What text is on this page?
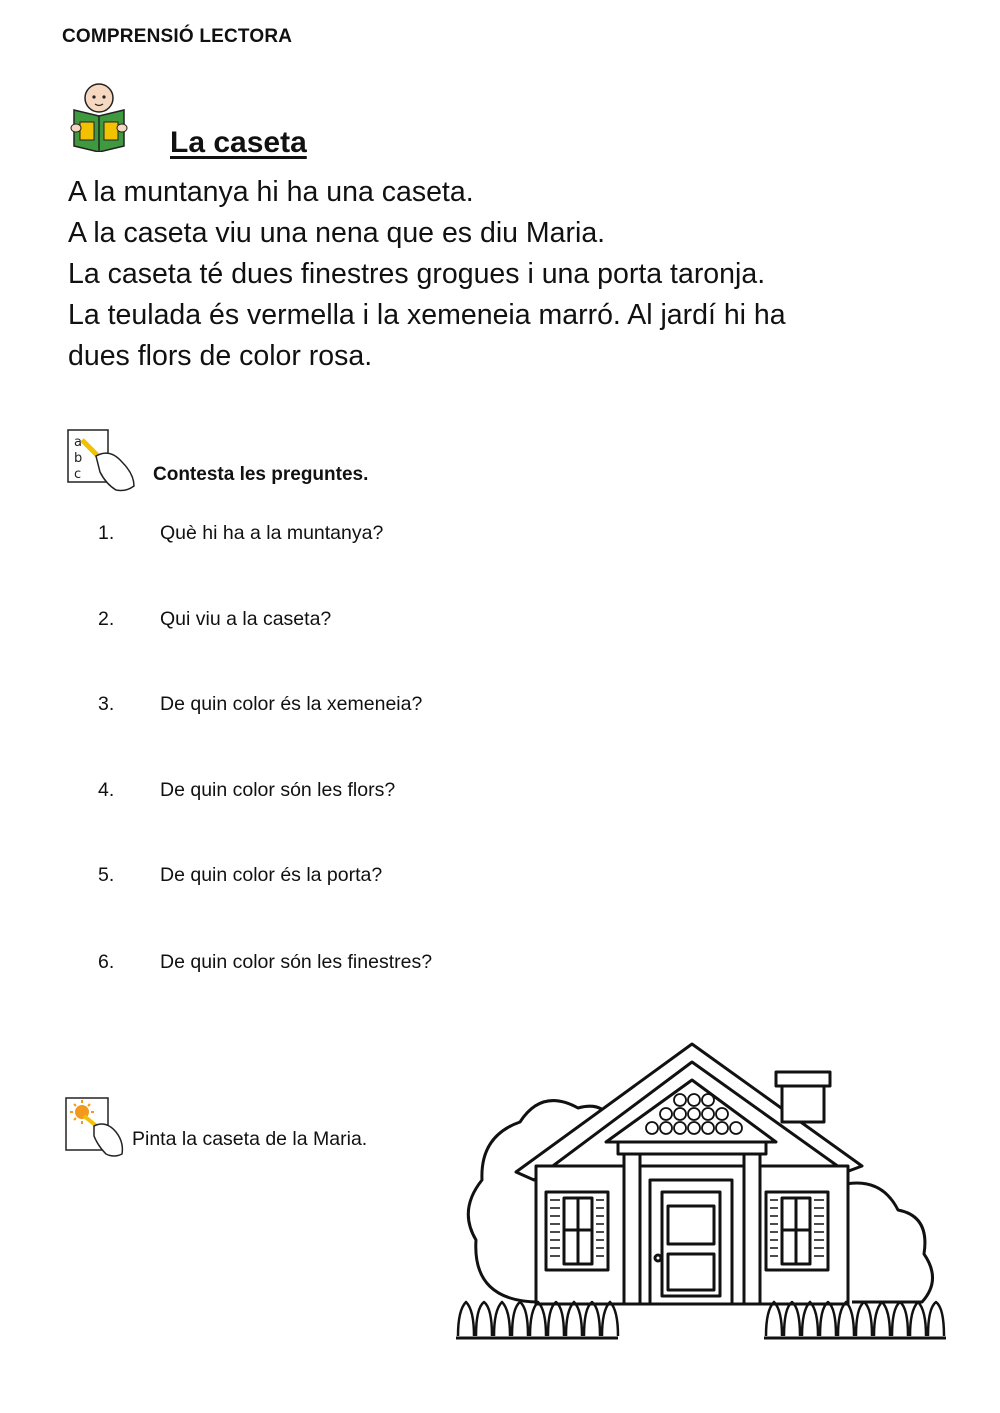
COMPRENSIÓ LECTORA
La caseta

A la muntanya hi ha una caseta.

A la caseta viu una nena que es diu Maria.

La caseta té dues finestres grogues i una porta taronja.

La teulada és vermella i la xemeneia marró. Al jardí hi ha

dues flors de color rosa.

a
b
c	Contesta les preguntes.
1. Què hi ha a la muntanya?
2. Qui viu a la caseta?
3. De quin color és la xemeneia?
4. De quin color són les flors?
5. De quin color és la porta?
6. De quin color són les finestres?
Pinta la caseta de la Maria.
